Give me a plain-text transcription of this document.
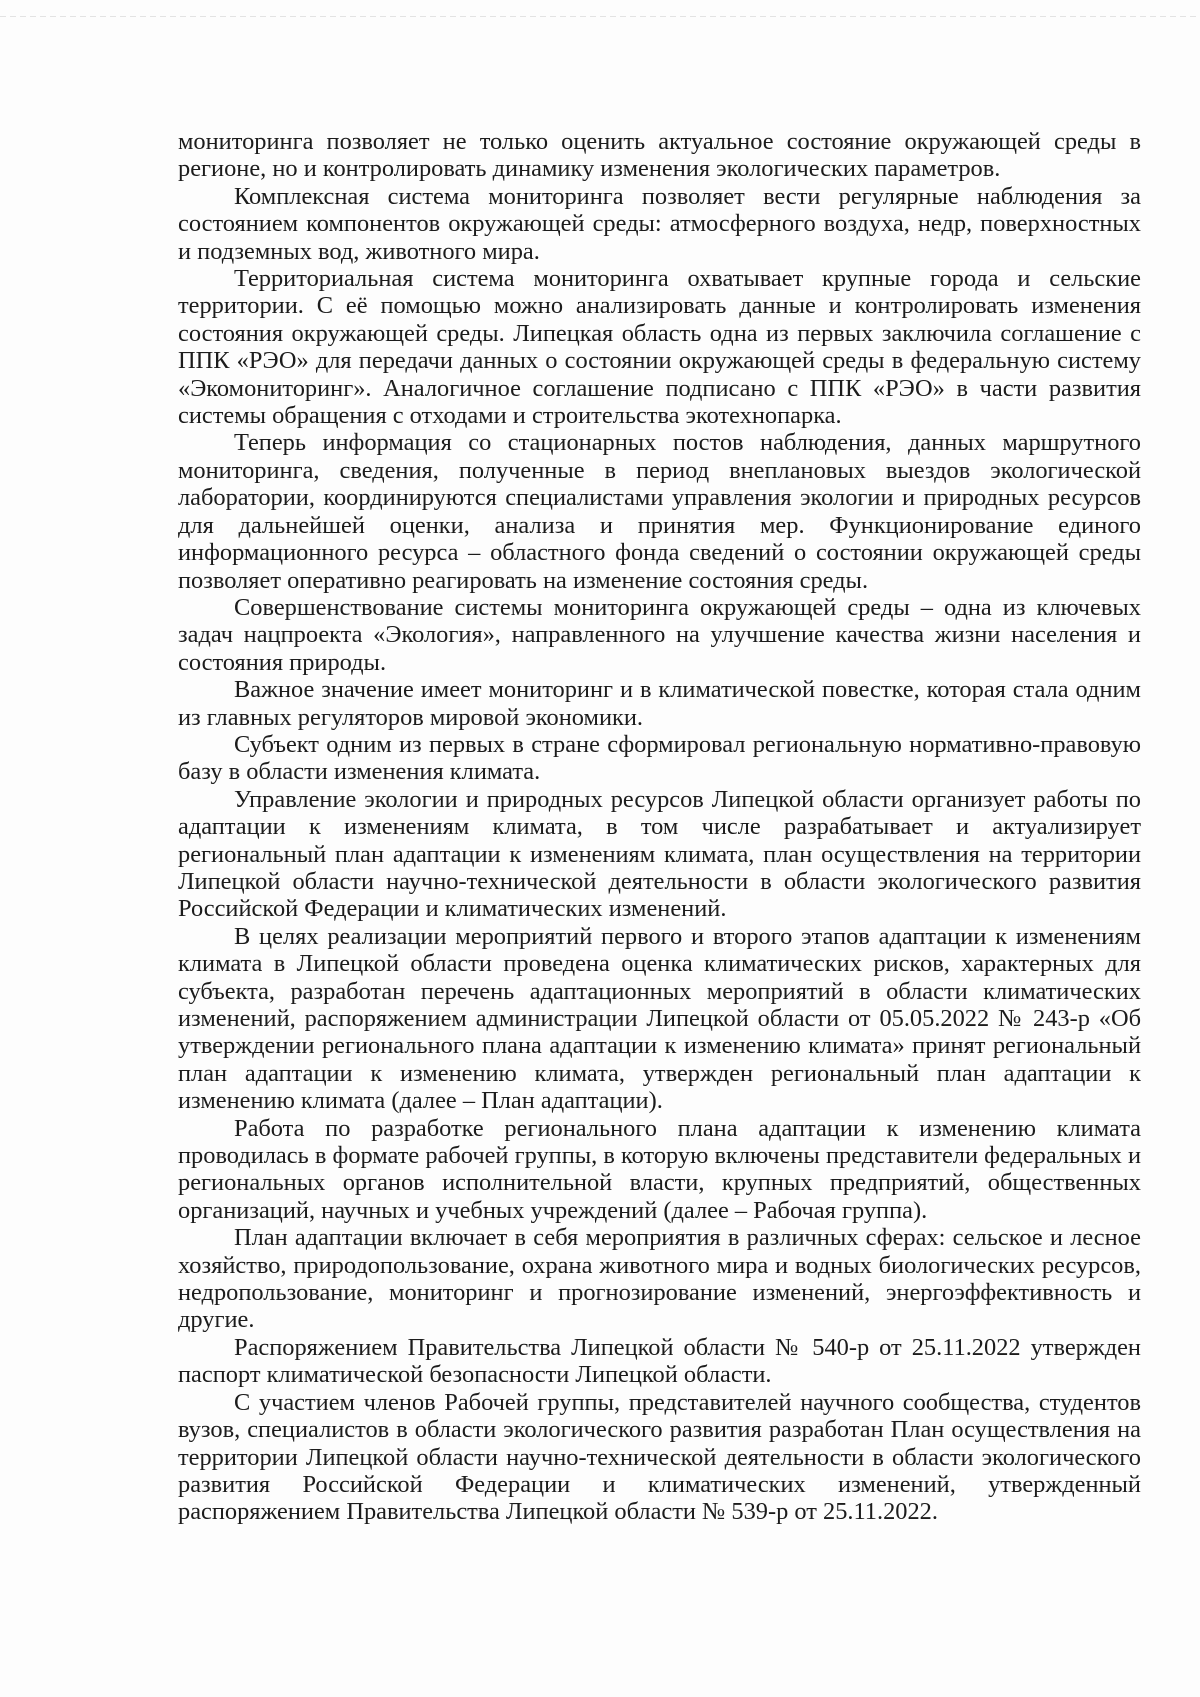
мониторинга позволяет не только оценить актуальное состояние окружающей среды в регионе, но и контролировать динамику изменения экологических параметров.

Комплексная система мониторинга позволяет вести регулярные наблюдения за состоянием компонентов окружающей среды: атмосферного воздуха, недр, поверхностных и подземных вод, животного мира.

Территориальная система мониторинга охватывает крупные города и сельские территории. С её помощью можно анализировать данные и контролировать изменения состояния окружающей среды. Липецкая область одна из первых заключила соглашение с ППК «РЭО» для передачи данных о состоянии окружающей среды в федеральную систему «Экомониторинг». Аналогичное соглашение подписано с ППК «РЭО» в части развития системы обращения с отходами и строительства экотехнопарка.

Теперь информация со стационарных постов наблюдения, данных маршрутного мониторинга, сведения, полученные в период внеплановых выездов экологической лаборатории, координируются специалистами управления экологии и природных ресурсов для дальнейшей оценки, анализа и принятия мер. Функционирование единого информационного ресурса – областного фонда сведений о состоянии окружающей среды позволяет оперативно реагировать на изменение состояния среды.

Совершенствование системы мониторинга окружающей среды – одна из ключевых задач нацпроекта «Экология», направленного на улучшение качества жизни населения и состояния природы.

Важное значение имеет мониторинг и в климатической повестке, которая стала одним из главных регуляторов мировой экономики.

Субъект одним из первых в стране сформировал региональную нормативно-правовую базу в области изменения климата.

Управление экологии и природных ресурсов Липецкой области организует работы по адаптации к изменениям климата, в том числе разрабатывает и актуализирует региональный план адаптации к изменениям климата, план осуществления на территории Липецкой области научно-технической деятельности в области экологического развития Российской Федерации и климатических изменений.

В целях реализации мероприятий первого и второго этапов адаптации к изменениям климата в Липецкой области проведена оценка климатических рисков, характерных для субъекта, разработан перечень адаптационных мероприятий в области климатических изменений, распоряжением администрации Липецкой области от 05.05.2022 № 243-р «Об утверждении регионального плана адаптации к изменению климата» принят региональный план адаптации к изменению климата, утвержден региональный план адаптации к изменению климата (далее – План адаптации).

Работа по разработке регионального плана адаптации к изменению климата проводилась в формате рабочей группы, в которую включены представители федеральных и региональных органов исполнительной власти, крупных предприятий, общественных организаций, научных и учебных учреждений (далее – Рабочая группа).

План адаптации включает в себя мероприятия в различных сферах: сельское и лесное хозяйство, природопользование, охрана животного мира и водных биологических ресурсов, недропользование, мониторинг и прогнозирование изменений, энергоэффективность и другие.

Распоряжением Правительства Липецкой области № 540-р от 25.11.2022 утвержден паспорт климатической безопасности Липецкой области.

С участием членов Рабочей группы, представителей научного сообщества, студентов вузов, специалистов в области экологического развития разработан План осуществления на территории Липецкой области научно-технической деятельности в области экологического развития Российской Федерации и климатических изменений, утвержденный распоряжением Правительства Липецкой области № 539-р от 25.11.2022.
